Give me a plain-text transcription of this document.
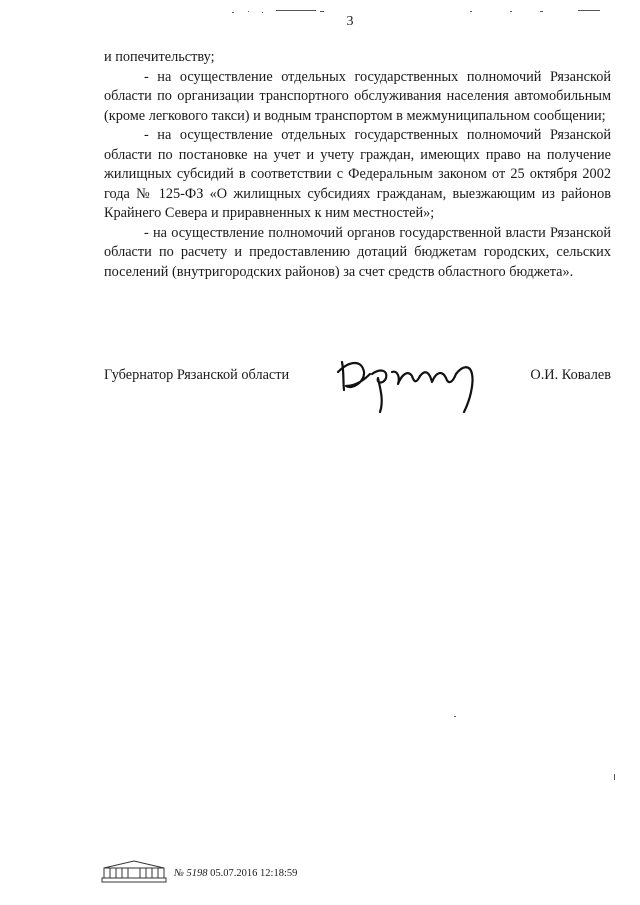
3

и попечительству;

- на осуществление отдельных государственных полномочий Рязанской области по организации транспортного обслуживания населения автомобильным (кроме легкового такси) и водным транспортом в межмуниципальном сообщении;

- на осуществление отдельных государственных полномочий Рязанской области по постановке на учет и учету граждан, имеющих право на получение жилищных субсидий в соответствии с Федеральным законом от 25 октября 2002 года № 125-ФЗ «О жилищных субсидиях гражданам, выезжающим из районов Крайнего Севера и приравненных к ним местностей»;

- на осуществление полномочий органов государственной власти Рязанской области по расчету и предоставлению дотаций бюджетам городских, сельских поселений (внутригородских районов) за счет средств областного бюджета».

Губернатор Рязанской области	О.И. Ковалев
№ 5198 05.07.2016 12:18:59
